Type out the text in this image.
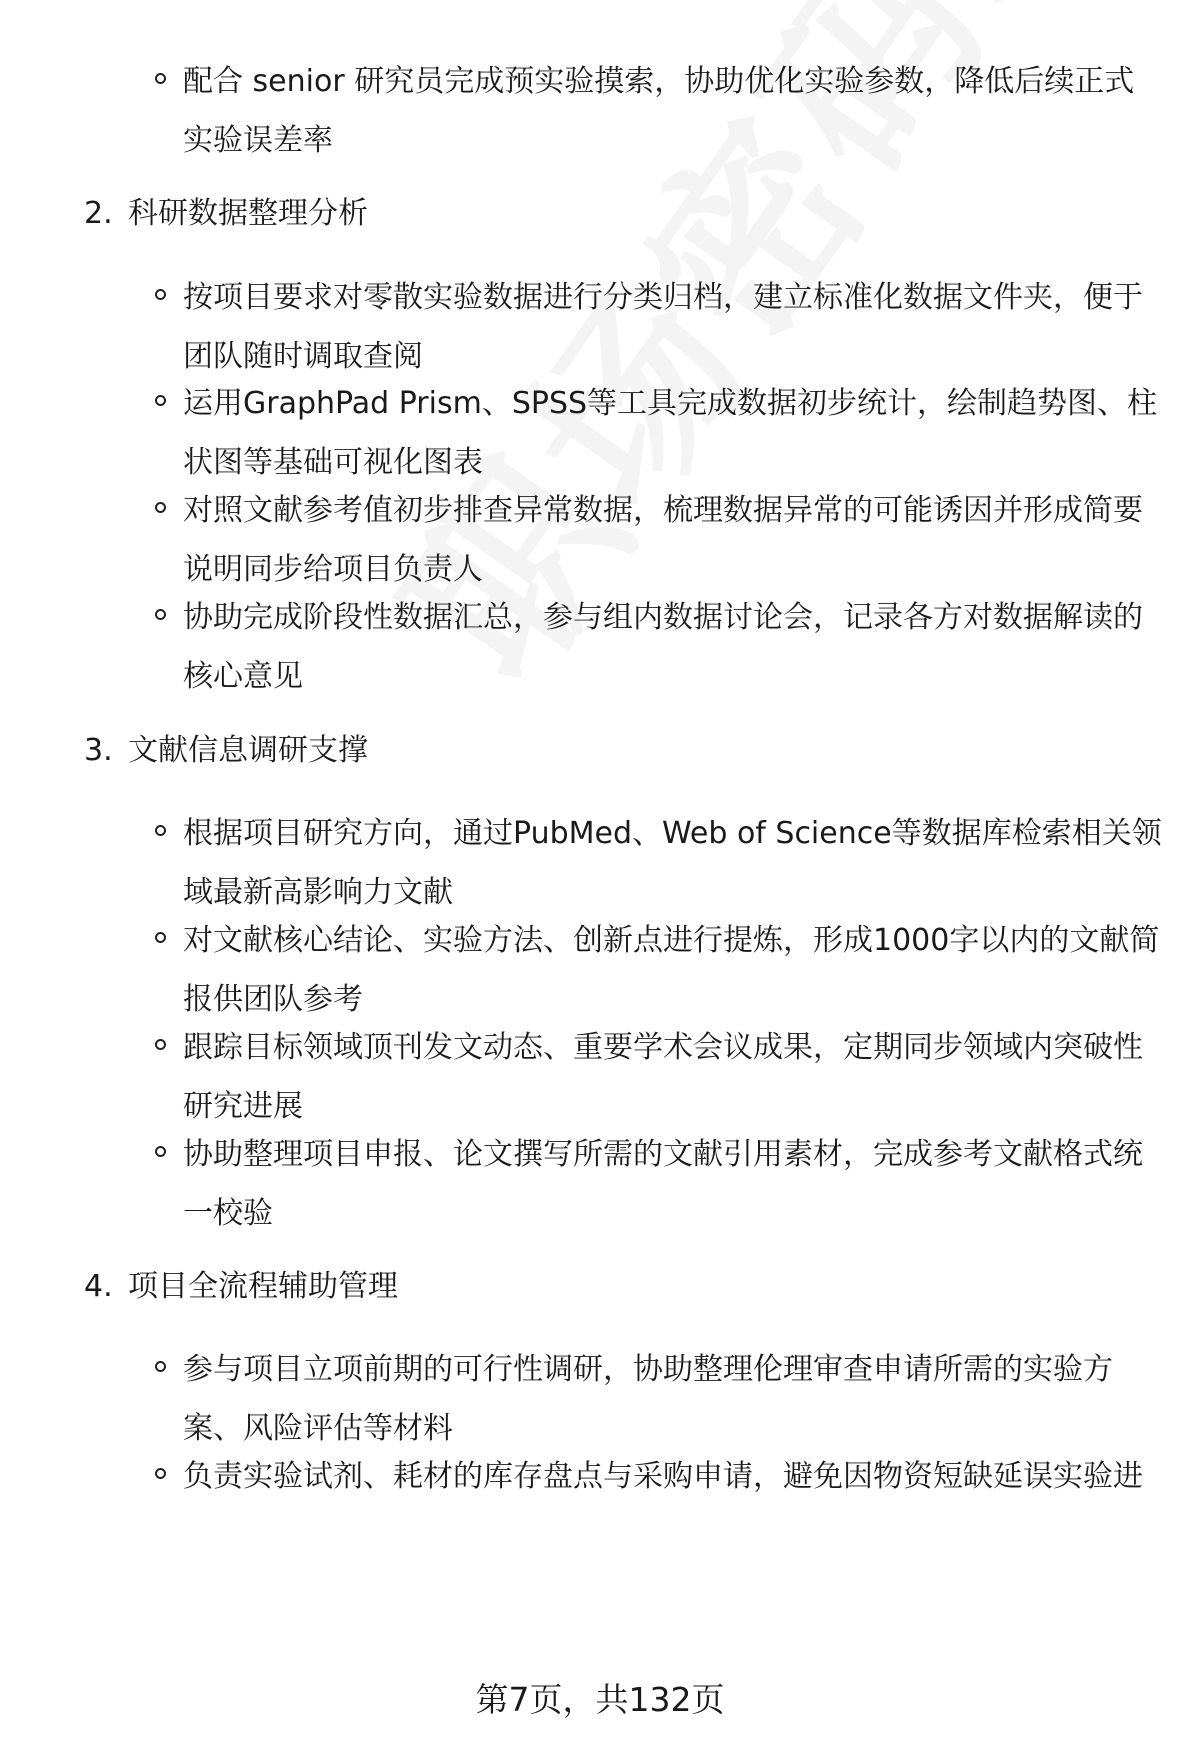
配合 senior 研究员完成预实验摸索，协助优化实验参数，降低后续正式实验误差率
2. 科研数据整理分析
按项目要求对零散实验数据进行分类归档，建立标准化数据文件夹，便于团队随时调取查阅
运用GraphPad Prism、SPSS等工具完成数据初步统计，绘制趋势图、柱状图等基础可视化图表
对照文献参考值初步排查异常数据，梳理数据异常的可能诱因并形成简要说明同步给项目负责人
协助完成阶段性数据汇总，参与组内数据讨论会，记录各方对数据解读的核心意见
3. 文献信息调研支撑
根据项目研究方向，通过PubMed、Web of Science等数据库检索相关领域最新高影响力文献
对文献核心结论、实验方法、创新点进行提炼，形成1000字以内的文献简报供团队参考
跟踪目标领域顶刊发文动态、重要学术会议成果，定期同步领域内突破性研究进展
协助整理项目申报、论文撰写所需的文献引用素材，完成参考文献格式统一校验
4. 项目全流程辅助管理
参与项目立项前期的可行性调研，协助整理伦理审查申请所需的实验方案、风险评估等材料
负责实验试剂、耗材的库存盘点与采购申请，避免因物资短缺延误实验进
第7页，共132页
